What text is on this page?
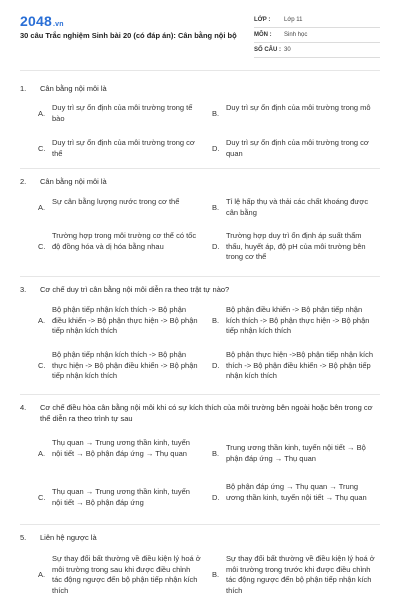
2048.vn
30 câu Trắc nghiệm Sinh bài 20 (có đáp án): Cân bằng nội bộ
LỚP : Lớp 11
MÔN : Sinh học
SỐ CÂU : 30
1. Cân bằng nội môi là
A.
Duy trì sự ổn định của môi trường trong tế bào	B.
Duy trì sự ổn định của môi trường trong mô
C.
Duy trì sự ổn định của môi trường trong cơ thể	D.
Duy trì sự ổn định của môi trường trong cơ quan
2. Cân bằng nội môi là
A.
Sự cân bằng lượng nước trong cơ thể
B.
Tỉ lệ hấp thụ và thải các chất khoáng được cân bằng
C.
Trường hợp trong môi trường cơ thể có tốc độ đồng hóa và dị hóa bằng nhau	D.
Trường hợp duy trì ổn định áp suất thẩm thấu, huyết áp, độ pH của môi trường bên trong cơ thể
3. Cơ chế duy trì cân bằng nội môi diễn ra theo trật tự nào?
A.
Bộ phận tiếp nhận kích thích -> Bộ phận điều khiển -> Bộ phận thực hiện -> Bộ phận tiếp nhận kích thích
B.
Bộ phận điều khiển -> Bộ phận tiếp nhận kích thích -> Bộ phận thực hiện -> Bộ phận tiếp nhận kích thích
C.
Bộ phận tiếp nhận kích thích -> Bộ phận thực hiện -> Bộ phận điều khiển -> Bộ phận tiếp nhận kích thích
D.
Bộ phận thực hiện ->Bộ phận tiếp nhận kích thích -> Bộ phận điều khiển -> Bộ phận tiếp nhận kích thích
4. Cơ chế điều hòa cân bằng nội môi khi có sự kích thích của môi trường bên ngoài hoặc bên trong cơ thể diễn ra theo trình tự sau
A.
Thụ quan → Trung ương thần kinh, tuyến nội tiết → Bộ phận đáp ứng → Thụ quan	B.
Trung ương thần kinh, tuyến nội tiết → Bộ phận đáp ứng → Thụ quan
C.
Thụ quan → Trung ương thần kinh, tuyến nội tiết → Bộ phận đáp ứng	D.
Bộ phận đáp ứng → Thụ quan → Trung ương thần kinh, tuyến nội tiết → Thụ quan
5. Liên hệ ngược là
A.
Sự thay đổi bất thường về điều kiện lý hoá ở môi trường trong sau khi được điều chỉnh tác động ngược đến bộ phận tiếp nhận kích thích
B.
Sự thay đổi bất thường về điều kiện lý hoá ở môi trường trong trước khi được điều chỉnh tác động ngược đến bộ phận tiếp nhận kích thích
